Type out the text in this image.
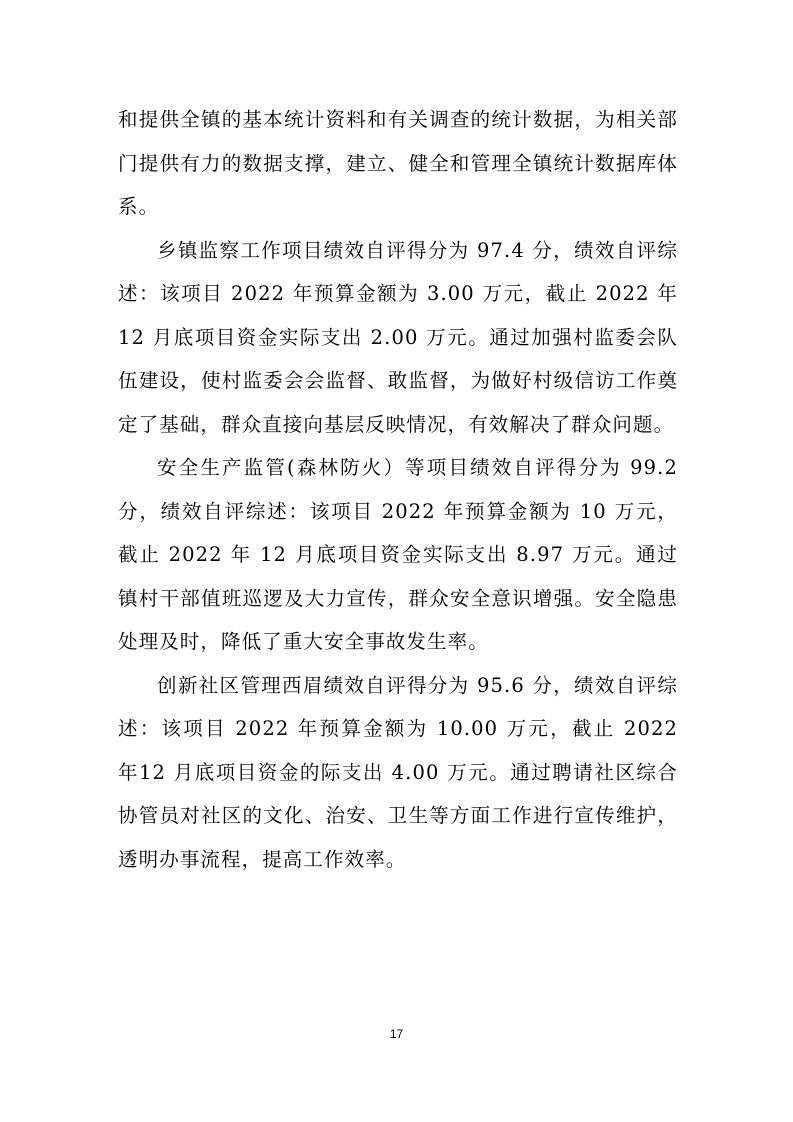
和提供全镇的基本统计资料和有关调查的统计数据，为相关部门提供有力的数据支撑，建立、健全和管理全镇统计数据库体系。

乡镇监察工作项目绩效自评得分为 97.4 分，绩效自评综述：该项目 2022 年预算金额为 3.00 万元，截止 2022 年12 月底项目资金实际支出 2.00 万元。通过加强村监委会队伍建设，使村监委会会监督、敢监督，为做好村级信访工作奠定了基础，群众直接向基层反映情况，有效解决了群众问题。

安全生产监管(森林防火）等项目绩效自评得分为 99.2分，绩效自评综述：该项目 2022 年预算金额为 10 万元，截止 2022 年 12 月底项目资金实际支出 8.97 万元。通过镇村干部值班巡逻及大力宣传，群众安全意识增强。安全隐患处理及时，降低了重大安全事故发生率。

创新社区管理西眉绩效自评得分为 95.6 分，绩效自评综述：该项目 2022 年预算金额为 10.00 万元，截止 2022 年12 月底项目资金的际支出 4.00 万元。通过聘请社区综合协管员对社区的文化、治安、卫生等方面工作进行宣传维护，透明办事流程，提高工作效率。

17
